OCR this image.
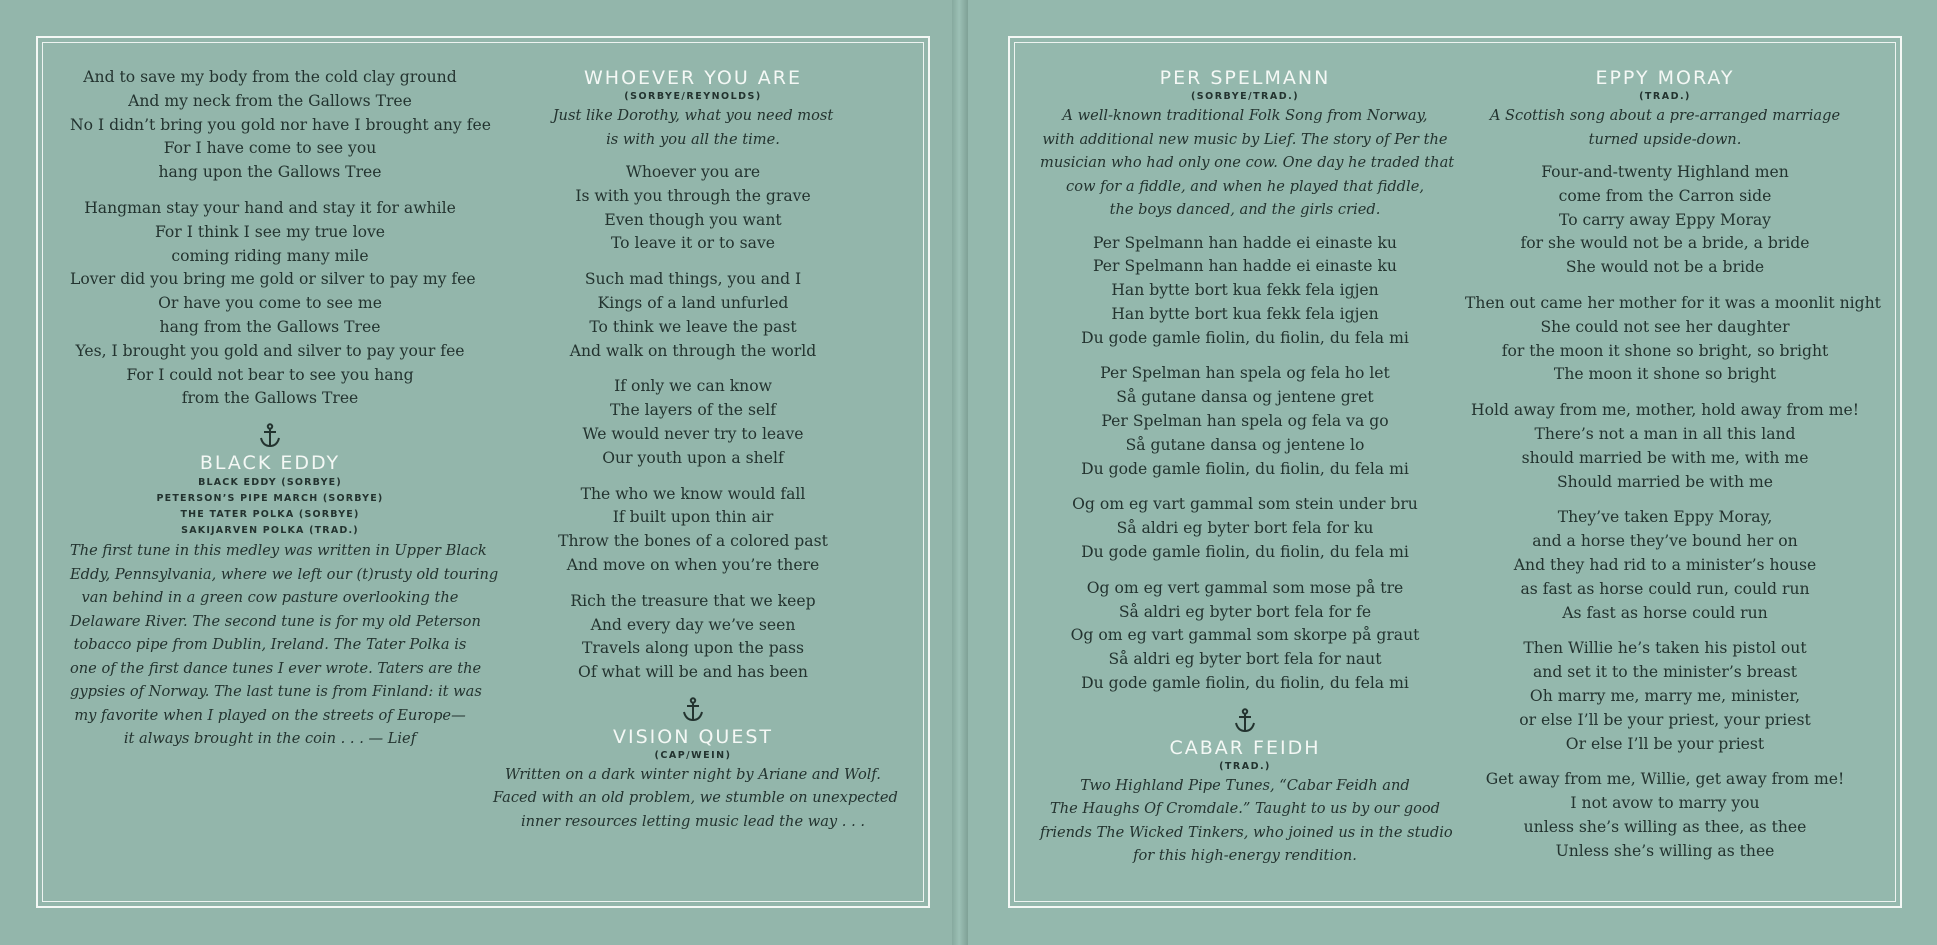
And to save my body from the cold clay ground
And my neck from the Gallows Tree
No I didn’t bring you gold nor have I brought any fee
For I have come to see you
hang upon the Gallows Tree
Hangman stay your hand and stay it for awhile
For I think I see my true love
coming riding many mile
Lover did you bring me gold or silver to pay my fee
Or have you come to see me
hang from the Gallows Tree
Yes, I brought you gold and silver to pay your fee
For I could not bear to see you hang
from the Gallows Tree
BLACK EDDY
BLACK EDDY (SORBYE)
PETERSON’S PIPE MARCH (SORBYE)
THE TATER POLKA (SORBYE)
SAKIJARVEN POLKA (TRAD.)
The first tune in this medley was written in Upper Black
Eddy, Pennsylvania, where we left our (t)rusty old touring
van behind in a green cow pasture overlooking the
Delaware River. The second tune is for my old Peterson
tobacco pipe from Dublin, Ireland. The Tater Polka is
one of the first dance tunes I ever wrote. Taters are the
gypsies of Norway. The last tune is from Finland: it was
my favorite when I played on the streets of Europe—
it always brought in the coin . . . — Lief
WHOEVER YOU ARE
(SORBYE/REYNOLDS)
Just like Dorothy, what you need most
is with you all the time.
Whoever you are
Is with you through the grave
Even though you want
To leave it or to save
Such mad things, you and I
Kings of a land unfurled
To think we leave the past
And walk on through the world
If only we can know
The layers of the self
We would never try to leave
Our youth upon a shelf
The who we know would fall
If built upon thin air
Throw the bones of a colored past
And move on when you’re there
Rich the treasure that we keep
And every day we’ve seen
Travels along upon the pass
Of what will be and has been
VISION QUEST
(CAP/WEIN)
Written on a dark winter night by Ariane and Wolf.
Faced with an old problem, we stumble on unexpected
inner resources letting music lead the way . . .
PER SPELMANN
(SORBYE/TRAD.)
A well-known traditional Folk Song from Norway,
with additional new music by Lief. The story of Per the
musician who had only one cow. One day he traded that
cow for a fiddle, and when he played that fiddle,
the boys danced, and the girls cried.
Per Spelmann han hadde ei einaste ku
Per Spelmann han hadde ei einaste ku
Han bytte bort kua fekk fela igjen
Han bytte bort kua fekk fela igjen
Du gode gamle fiolin, du fiolin, du fela mi
Per Spelman han spela og fela ho let
Så gutane dansa og jentene gret
Per Spelman han spela og fela va go
Så gutane dansa og jentene lo
Du gode gamle fiolin, du fiolin, du fela mi
Og om eg vart gammal som stein under bru
Så aldri eg byter bort fela for ku
Du gode gamle fiolin, du fiolin, du fela mi
Og om eg vert gammal som mose på tre
Så aldri eg byter bort fela for fe
Og om eg vart gammal som skorpe på graut
Så aldri eg byter bort fela for naut
Du gode gamle fiolin, du fiolin, du fela mi
CABAR FEIDH
(TRAD.)
Two Highland Pipe Tunes, “Cabar Feidh and
The Haughs Of Cromdale.” Taught to us by our good
friends The Wicked Tinkers, who joined us in the studio
for this high-energy rendition.
EPPY MORAY
(TRAD.)
A Scottish song about a pre-arranged marriage
turned upside-down.
Four-and-twenty Highland men
come from the Carron side
To carry away Eppy Moray
for she would not be a bride, a bride
She would not be a bride
Then out came her mother for it was a moonlit night
She could not see her daughter
for the moon it shone so bright, so bright
The moon it shone so bright
Hold away from me, mother, hold away from me!
There’s not a man in all this land
should married be with me, with me
Should married be with me
They’ve taken Eppy Moray,
and a horse they’ve bound her on
And they had rid to a minister’s house
as fast as horse could run, could run
As fast as horse could run
Then Willie he’s taken his pistol out
and set it to the minister’s breast
Oh marry me, marry me, minister,
or else I’ll be your priest, your priest
Or else I’ll be your priest
Get away from me, Willie, get away from me!
I not avow to marry you
unless she’s willing as thee, as thee
Unless she’s willing as thee
